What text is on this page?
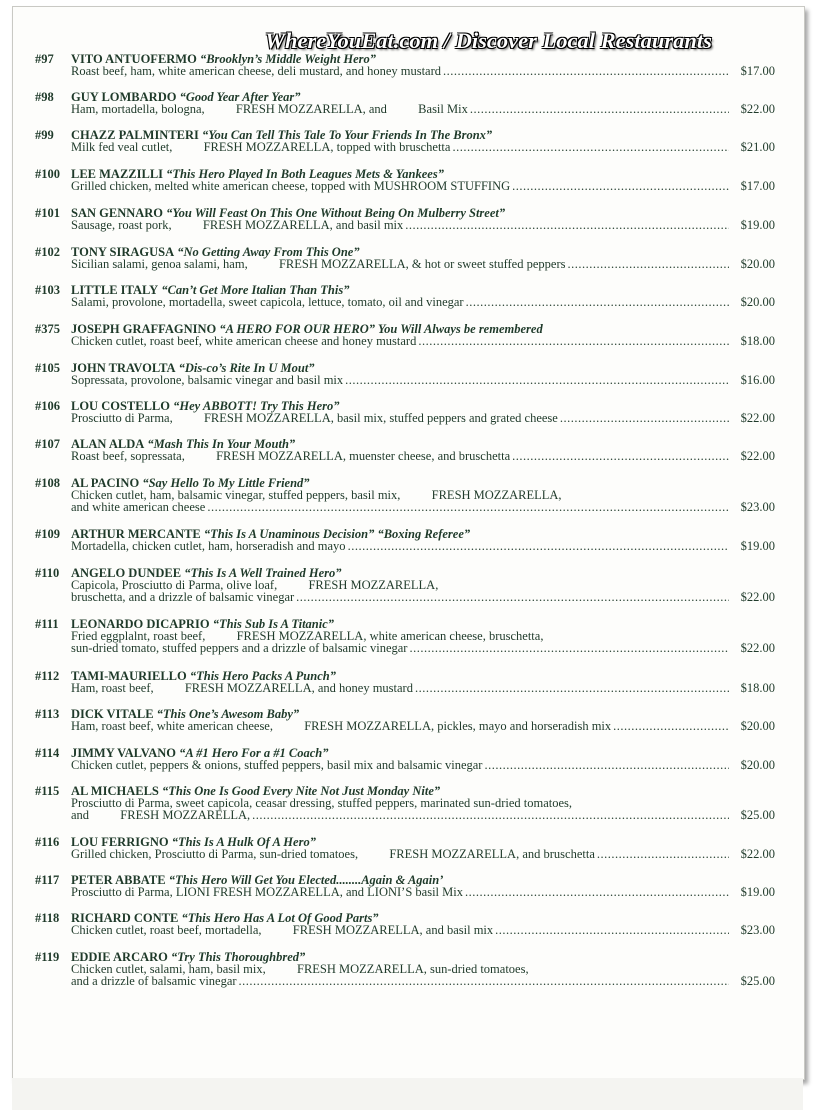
WhereYouEat.com / Discover Local Restaurants
#97 VITO ANTUOFERMO “Brooklyn’s Middle Weight Hero”
Roast beef, ham, white american cheese, deli mustard, and honey mustard .....	$17.00
#98 GUY LOMBARDO “Good Year After Year”
Ham, mortadella, bologna,          FRESH MOZZARELLA, and          Basil Mix .....	$22.00
#99 CHAZZ PALMINTERI “You Can Tell This Tale To Your Friends In The Bronx”
Milk fed veal cutlet,          FRESH MOZZARELLA, topped with bruschetta .....	$21.00
#100 LEE MAZZILLI “This Hero Played In Both Leagues Mets & Yankees”
Grilled chicken, melted white american cheese, topped with MUSHROOM STUFFING .....	$17.00
#101 SAN GENNARO “You Will Feast On This One Without Being On Mulberry Street”
Sausage, roast pork,          FRESH MOZZARELLA, and basil mix .....	$19.00
#102 TONY SIRAGUSA “No Getting Away From This One”
Sicilian salami, genoa salami, ham,          FRESH MOZZARELLA, & hot or sweet stuffed peppers .....	$20.00
#103 LITTLE ITALY “Can’t Get More Italian Than This”
Salami, provolone, mortadella, sweet capicola, lettuce, tomato, oil and vinegar .....	$20.00
#375 JOSEPH GRAFFAGNINO “A HERO FOR OUR HERO” You Will Always be remembered
Chicken cutlet, roast beef, white american cheese and honey mustard .....	$18.00
#105 JOHN TRAVOLTA “Dis-co’s Rite In U Mout”
Sopressata, provolone, balsamic vinegar and basil mix .....	$16.00
#106 LOU COSTELLO “Hey ABBOTT! Try This Hero”
Prosciutto di Parma,          FRESH MOZZARELLA, basil mix, stuffed peppers and grated cheese .....	$22.00
#107 ALAN ALDA “Mash This In Your Mouth”
Roast beef, sopressata,          FRESH MOZZARELLA, muenster cheese, and bruschetta .....	$22.00
#108 AL PACINO “Say Hello To My Little Friend”
Chicken cutlet, ham, balsamic vinegar, stuffed peppers, basil mix,          FRESH MOZZARELLA,
and white american cheese .....	$23.00
#109 ARTHUR MERCANTE “This Is A Unaminous Decision” “Boxing Referee”
Mortadella, chicken cutlet, ham, horseradish and mayo .....	$19.00
#110 ANGELO DUNDEE “This Is A Well Trained Hero”
Capicola, Prosciutto di Parma, olive loaf,          FRESH MOZZARELLA,
bruschetta, and a drizzle of balsamic vinegar .....	$22.00
#111 LEONARDO DICAPRIO “This Sub Is A Titanic”
Fried eggplalnt, roast beef,          FRESH MOZZARELLA, white american cheese, bruschetta,
sun-dried tomato, stuffed peppers and a drizzle of balsamic vinegar .....	$22.00
#112 TAMI-MAURIELLO “This Hero Packs A Punch”
Ham, roast beef,          FRESH MOZZARELLA, and honey mustard .....	$18.00
#113 DICK VITALE “This One’s Awesom Baby”
Ham, roast beef, white american cheese,          FRESH MOZZARELLA, pickles, mayo and horseradish mix .....	$20.00
#114 JIMMY VALVANO “A #1 Hero For a #1 Coach”
Chicken cutlet, peppers & onions, stuffed peppers, basil mix and balsamic vinegar .....	$20.00
#115 AL MICHAELS “This One Is Good Every Nite Not Just Monday Nite”
Prosciutto di Parma, sweet capicola, ceasar dressing, stuffed peppers, marinated sun-dried tomatoes,
and          FRESH MOZZARELLA, .....	$25.00
#116 LOU FERRIGNO “This Is A Hulk Of A Hero”
Grilled chicken, Prosciutto di Parma, sun-dried tomatoes,          FRESH MOZZARELLA, and bruschetta .....	$22.00
#117 PETER ABBATE “This Hero Will Get You Elected........Again & Again’
Prosciutto di Parma, LIONI FRESH MOZZARELLA, and LIONI’S basil Mix .....	$19.00
#118 RICHARD CONTE “This Hero Has A Lot Of Good Parts”
Chicken cutlet, roast beef, mortadella,          FRESH MOZZARELLA, and basil mix .....	$23.00
#119 EDDIE ARCARO “Try This Thoroughbred”
Chicken cutlet, salami, ham, basil mix,          FRESH MOZZARELLA, sun-dried tomatoes,
and a drizzle of balsamic vinegar .....	$25.00
